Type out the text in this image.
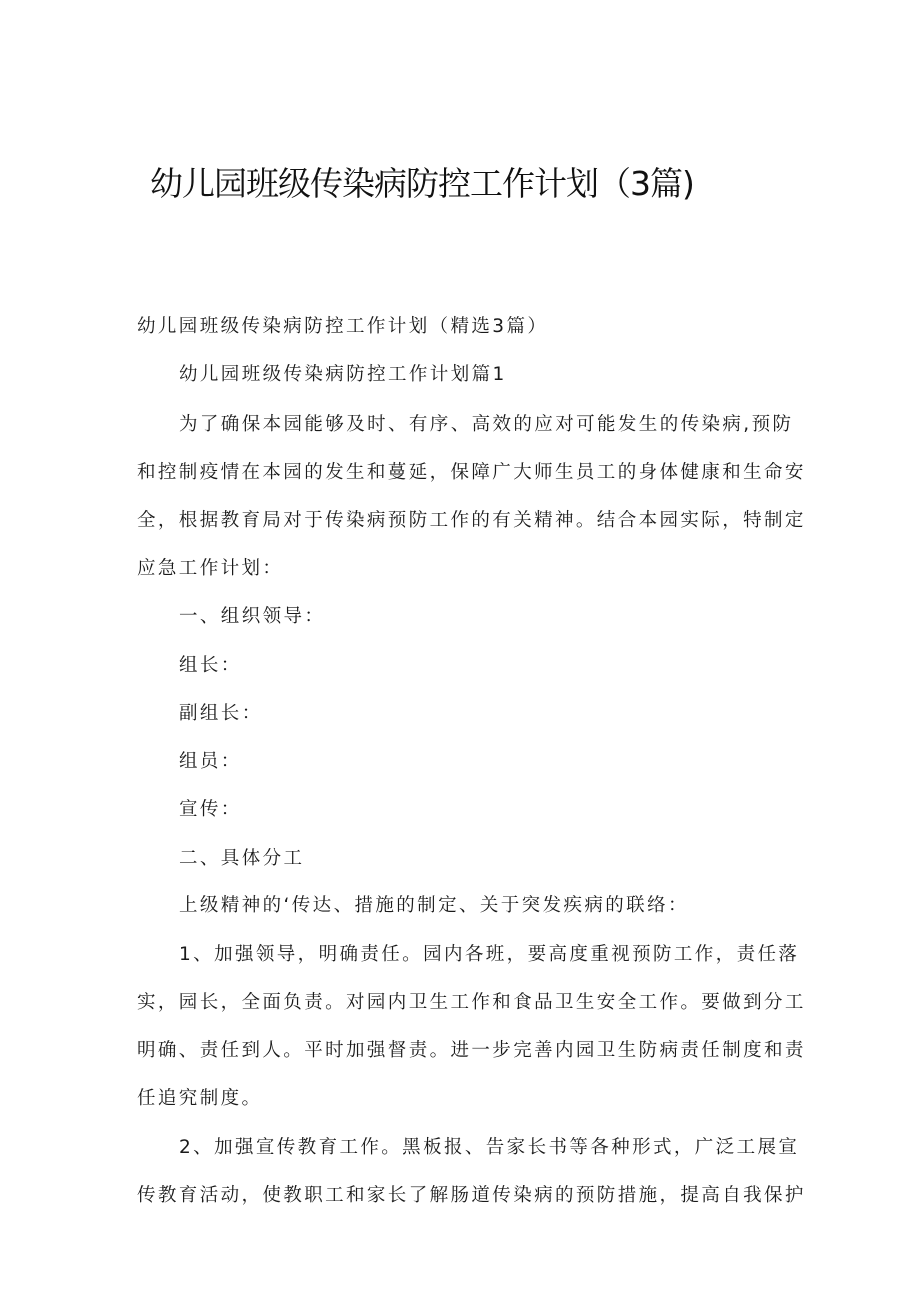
幼儿园班级传染病防控工作计划（3篇)
幼儿园班级传染病防控工作计划（精选3篇）
幼儿园班级传染病防控工作计划篇1
为了确保本园能够及时、有序、高效的应对可能发生的传染病,预防
和控制疫情在本园的发生和蔓延，保障广大师生员工的身体健康和生命安
全，根据教育局对于传染病预防工作的有关精神。结合本园实际，特制定
应急工作计划：
一、组织领导：
组长：
副组长：
组员：
宣传：
二、具体分工
上级精神的‘传达、措施的制定、关于突发疾病的联络：
1、加强领导，明确责任。园内各班，要高度重视预防工作，责任落
实，园长，全面负责。对园内卫生工作和食品卫生安全工作。要做到分工
明确、责任到人。平时加强督责。进一步完善内园卫生防病责任制度和责
任追究制度。
2、加强宣传教育工作。黑板报、告家长书等各种形式，广泛工展宣
传教育活动，使教职工和家长了解肠道传染病的预防措施，提高自我保护
